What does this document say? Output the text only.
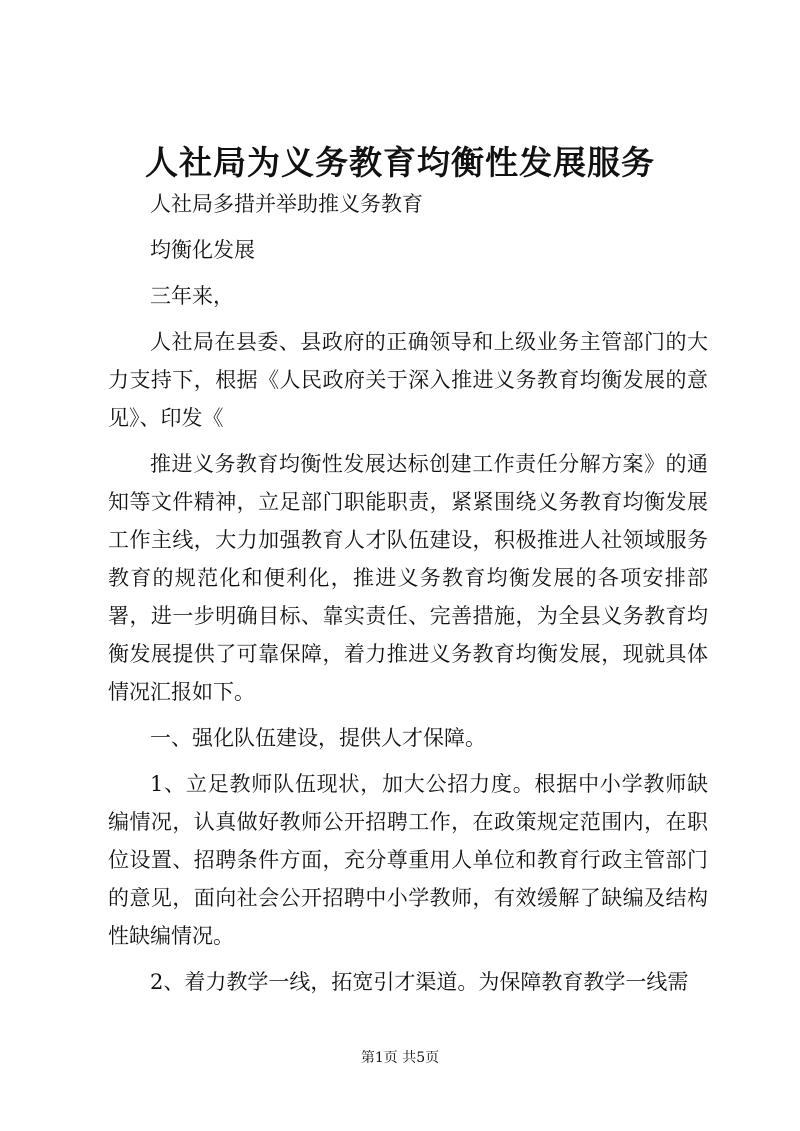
人社局为义务教育均衡性发展服务

人社局多措并举助推义务教育

均衡化发展

三年来，

人社局在县委、县政府的正确领导和上级业务主管部门的大力支持下，根据《人民政府关于深入推进义务教育均衡发展的意见》、印发《

推进义务教育均衡性发展达标创建工作责任分解方案》的通知等文件精神，立足部门职能职责，紧紧围绕义务教育均衡发展工作主线，大力加强教育人才队伍建设，积极推进人社领域服务教育的规范化和便利化，推进义务教育均衡发展的各项安排部署，进一步明确目标、靠实责任、完善措施，为全县义务教育均衡发展提供了可靠保障，着力推进义务教育均衡发展，现就具体情况汇报如下。

一、强化队伍建设，提供人才保障。

1、立足教师队伍现状，加大公招力度。根据中小学教师缺编情况，认真做好教师公开招聘工作，在政策规定范围内，在职位设置、招聘条件方面，充分尊重用人单位和教育行政主管部门的意见，面向社会公开招聘中小学教师，有效缓解了缺编及结构性缺编情况。

2、着力教学一线，拓宽引才渠道。为保障教育教学一线需

第1页 共5页
